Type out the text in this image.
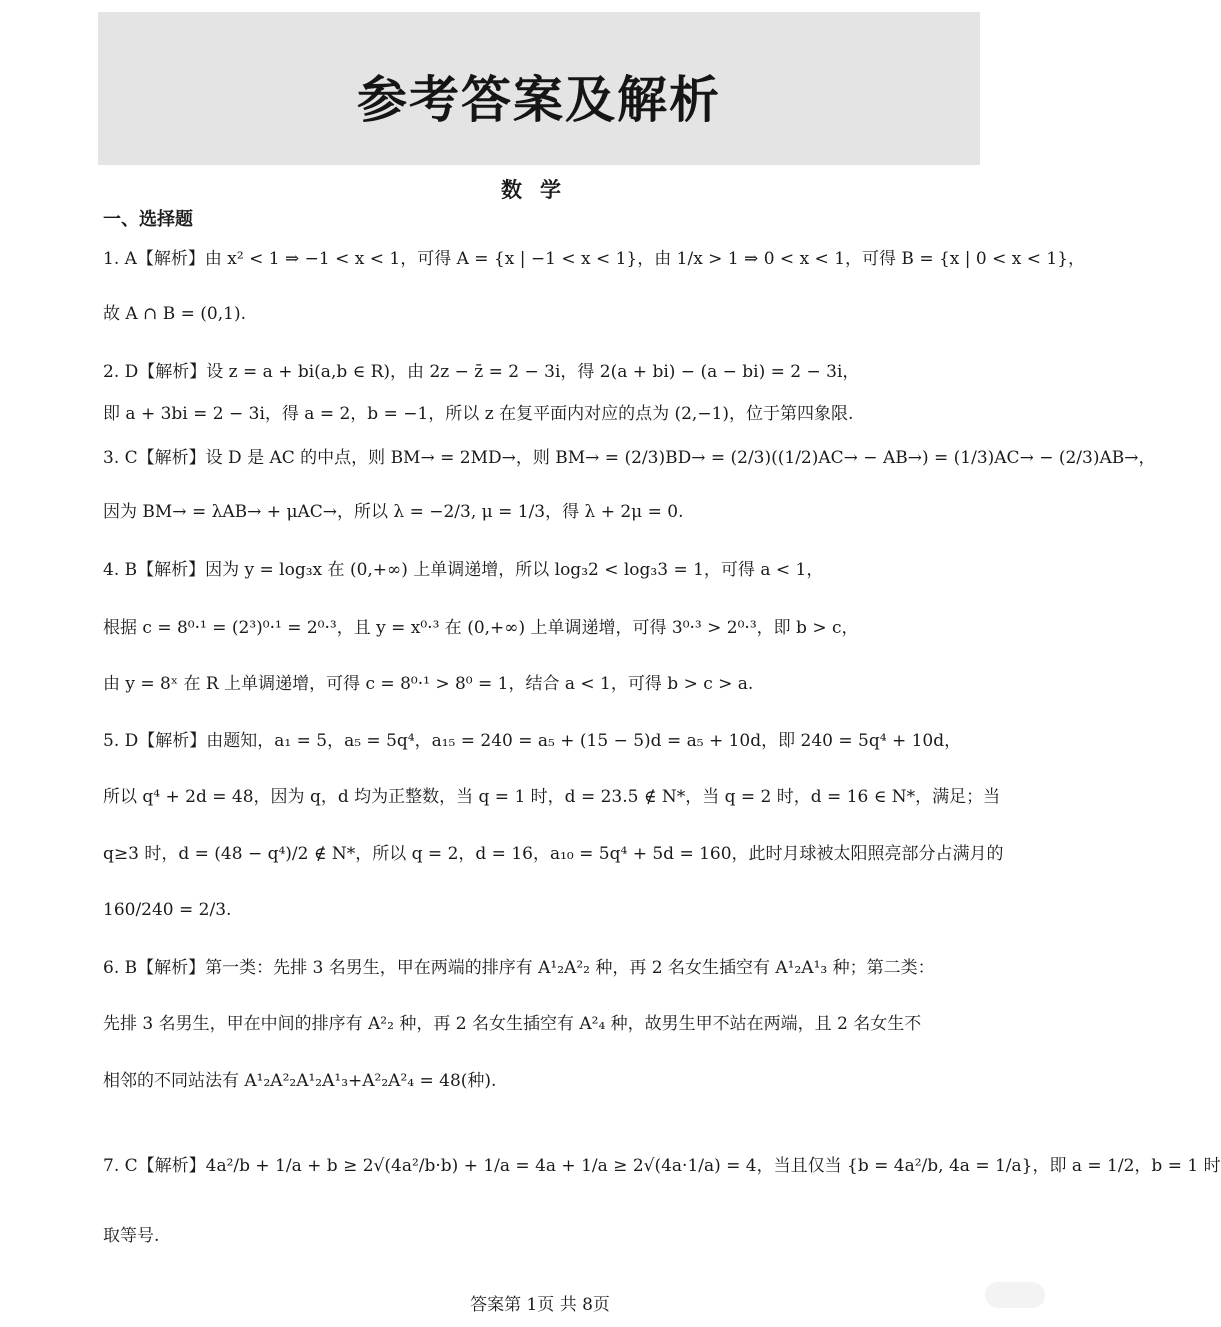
参考答案及解析
数学
一、选择题
1. A【解析】由 x² < 1 ⇒ −1 < x < 1，可得 A = {x | −1 < x < 1}，由 1/x > 1 ⇒ 0 < x < 1，可得 B = {x | 0 < x < 1}，
故 A ∩ B = (0,1).
2. D【解析】设 z = a + bi(a,b ∈ R)，由 2z − z̄ = 2 − 3i，得 2(a + bi) − (a − bi) = 2 − 3i，
即 a + 3bi = 2 − 3i，得 a = 2，b = −1，所以 z 在复平面内对应的点为 (2,−1)，位于第四象限.
3. C【解析】设 D 是 AC 的中点，则 BM→ = 2MD→，则 BM→ = (2/3)BD→ = (2/3)((1/2)AC→ − AB→) = (1/3)AC→ − (2/3)AB→，
因为 BM→ = λAB→ + μAC→，所以 λ = −2/3, μ = 1/3，得 λ + 2μ = 0.
4. B【解析】因为 y = log₃x 在 (0,+∞) 上单调递增，所以 log₃2 < log₃3 = 1，可得 a < 1，
根据 c = 8⁰·¹ = (2³)⁰·¹ = 2⁰·³，且 y = x⁰·³ 在 (0,+∞) 上单调递增，可得 3⁰·³ > 2⁰·³，即 b > c，
由 y = 8ˣ 在 R 上单调递增，可得 c = 8⁰·¹ > 8⁰ = 1，结合 a < 1，可得 b > c > a.
5. D【解析】由题知，a₁ = 5，a₅ = 5q⁴，a₁₅ = 240 = a₅ + (15 − 5)d = a₅ + 10d，即 240 = 5q⁴ + 10d，
所以 q⁴ + 2d = 48，因为 q，d 均为正整数，当 q = 1 时，d = 23.5 ∉ N*，当 q = 2 时，d = 16 ∈ N*，满足；当
q≥3 时，d = (48 − q⁴)/2 ∉ N*，所以 q = 2，d = 16，a₁₀ = 5q⁴ + 5d = 160，此时月球被太阳照亮部分占满月的
160/240 = 2/3.
6. B【解析】第一类：先排 3 名男生，甲在两端的排序有 A¹₂A²₂ 种，再 2 名女生插空有 A¹₂A¹₃ 种；第二类：
先排 3 名男生，甲在中间的排序有 A²₂ 种，再 2 名女生插空有 A²₄ 种，故男生甲不站在两端，且 2 名女生不
相邻的不同站法有 A¹₂A²₂A¹₂A¹₃+A²₂A²₄ = 48(种).
7. C【解析】4a²/b + 1/a + b ≥ 2√(4a²/b·b) + 1/a = 4a + 1/a ≥ 2√(4a·1/a) = 4，当且仅当 {b = 4a²/b, 4a = 1/a}，即 a = 1/2，b = 1 时
取等号.
答案第 1页 共 8页
